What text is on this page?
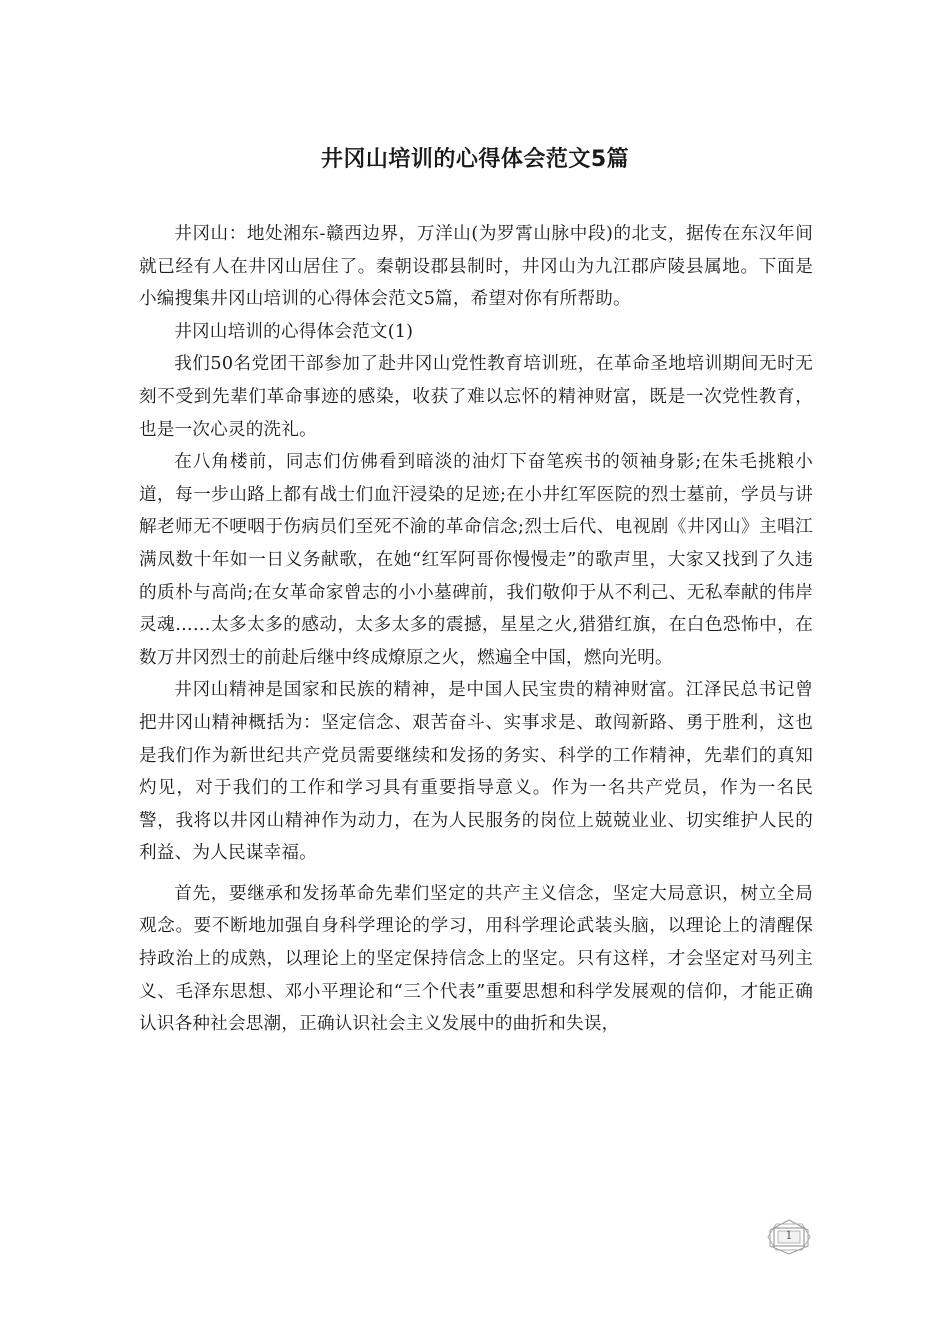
井冈山培训的心得体会范文5篇

井冈山：地处湘东-赣西边界，万洋山(为罗霄山脉中段)的北支，据传在东汉年间就已经有人在井冈山居住了。秦朝设郡县制时，井冈山为九江郡庐陵县属地。下面是小编搜集井冈山培训的心得体会范文5篇，希望对你有所帮助。

井冈山培训的心得体会范文(1)

我们50名党团干部参加了赴井冈山党性教育培训班，在革命圣地培训期间无时无刻不受到先辈们革命事迹的感染，收获了难以忘怀的精神财富，既是一次党性教育，也是一次心灵的洗礼。

在八角楼前，同志们仿佛看到暗淡的油灯下奋笔疾书的领袖身影;在朱毛挑粮小道，每一步山路上都有战士们血汗浸染的足迹;在小井红军医院的烈士墓前，学员与讲解老师无不哽咽于伤病员们至死不渝的革命信念;烈士后代、电视剧《井冈山》主唱江满凤数十年如一日义务献歌，在她“红军阿哥你慢慢走”的歌声里，大家又找到了久违的质朴与高尚;在女革命家曾志的小小墓碑前，我们敬仰于从不利己、无私奉献的伟岸灵魂……太多太多的感动，太多太多的震撼，星星之火,猎猎红旗，在白色恐怖中，在数万井冈烈士的前赴后继中终成燎原之火，燃遍全中国，燃向光明。

井冈山精神是国家和民族的精神，是中国人民宝贵的精神财富。江泽民总书记曾把井冈山精神概括为：坚定信念、艰苦奋斗、实事求是、敢闯新路、勇于胜利，这也是我们作为新世纪共产党员需要继续和发扬的务实、科学的工作精神，先辈们的真知灼见，对于我们的工作和学习具有重要指导意义。作为一名共产党员，作为一名民警，我将以井冈山精神作为动力，在为人民服务的岗位上兢兢业业、切实维护人民的利益、为人民谋幸福。

首先，要继承和发扬革命先辈们坚定的共产主义信念，坚定大局意识，树立全局观念。要不断地加强自身科学理论的学习，用科学理论武装头脑，以理论上的清醒保持政治上的成熟，以理论上的坚定保持信念上的坚定。只有这样，才会坚定对马列主义、毛泽东思想、邓小平理论和“三个代表”重要思想和科学发展观的信仰，才能正确认识各种社会思潮，正确认识社会主义发展中的曲折和失误，

1
